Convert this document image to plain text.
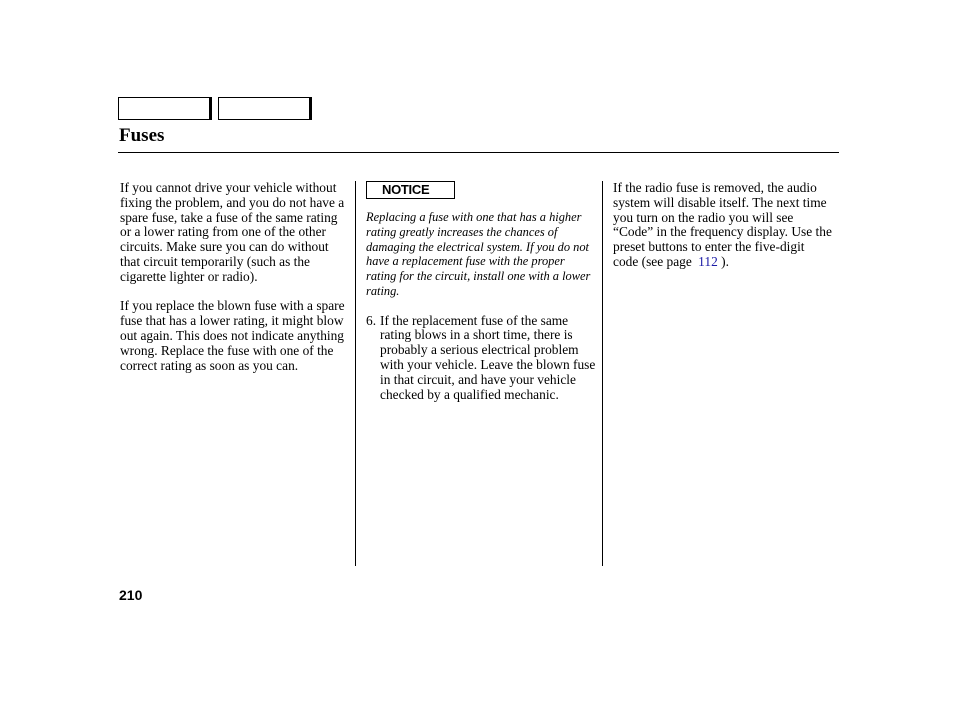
Fuses

If you cannot drive your vehicle without fixing the problem, and you do not have a spare fuse, take a fuse of the same rating or a lower rating from one of the other circuits. Make sure you can do without that circuit temporarily (such as the cigarette lighter or radio).

If you replace the blown fuse with a spare fuse that has a lower rating, it might blow out again. This does not indicate anything wrong. Replace the fuse with one of the correct rating as soon as you can.

NOTICE

Replacing a fuse with one that has a higher rating greatly increases the chances of damaging the electrical system. If you do not have a replacement fuse with the proper rating for the circuit, install one with a lower rating.

6. If the replacement fuse of the same rating blows in a short time, there is probably a serious electrical problem with your vehicle. Leave the blown fuse in that circuit, and have your vehicle checked by a qualified mechanic.

If the radio fuse is removed, the audio system will disable itself. The next time you turn on the radio you will see “Code” in the frequency display. Use the preset buttons to enter the five-digit code (see page 112 ).

210
